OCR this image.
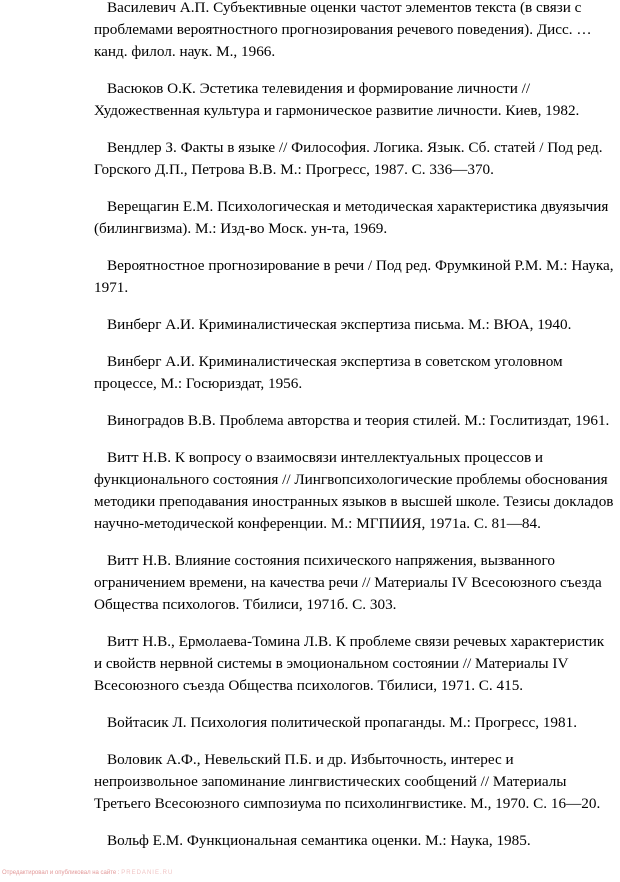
Василевич А.П. Субъективные оценки частот элементов текста (в связи с проблемами вероятностного прогнозирования речевого поведения). Дисс. … канд. филол. наук. М., 1966.

Васюков О.К. Эстетика телевидения и формирование личности // Художественная культура и гармоническое развитие личности. Киев, 1982.

Вендлер З. Факты в языке // Философия. Логика. Язык. Сб. статей / Под ред. Горского Д.П., Петрова В.В. М.: Прогресс, 1987. С. 336—370.

Верещагин Е.М. Психологическая и методическая характеристика двуязычия (билингвизма). М.: Изд-во Моск. ун-та, 1969.

Вероятностное прогнозирование в речи / Под ред. Фрумкиной Р.М. М.: Наука, 1971.

Винберг А.И. Криминалистическая экспертиза письма. М.: ВЮА, 1940.

Винберг А.И. Криминалистическая экспертиза в советском уголовном процессе, М.: Госюриздат, 1956.

Виноградов В.В. Проблема авторства и теория стилей. М.: Гослитиздат, 1961.

Витт Н.В. К вопросу о взаимосвязи интеллектуальных процессов и функционального состояния // Лингвопсихологические проблемы обоснования методики преподавания иностранных языков в высшей школе. Тезисы докладов научно-методической конференции. М.: МГПИИЯ, 1971а. С. 81—84.

Витт Н.В. Влияние состояния психического напряжения, вызванного ограничением времени, на качества речи // Материалы IV Всесоюзного съезда Общества психологов. Тбилиси, 1971б. С. 303.

Витт Н.В., Ермолаева-Томина Л.В. К проблеме связи речевых характеристик и свойств нервной системы в эмоциональном состоянии // Материалы IV Всесоюзного съезда Общества психологов. Тбилиси, 1971. С. 415.

Войтасик Л. Психология политической пропаганды. М.: Прогресс, 1981.

Воловик А.Ф., Невельский П.Б. и др. Избыточность, интерес и непроизвольное запоминание лингвистических сообщений // Материалы Третьего Всесоюзного симпозиума по психолингвистике. М., 1970. С. 16—20.

Вольф Е.М. Функциональная семантика оценки. М.: Наука, 1985.

Отредактировал и опубликовал на сайте : PREDANIE.RU
